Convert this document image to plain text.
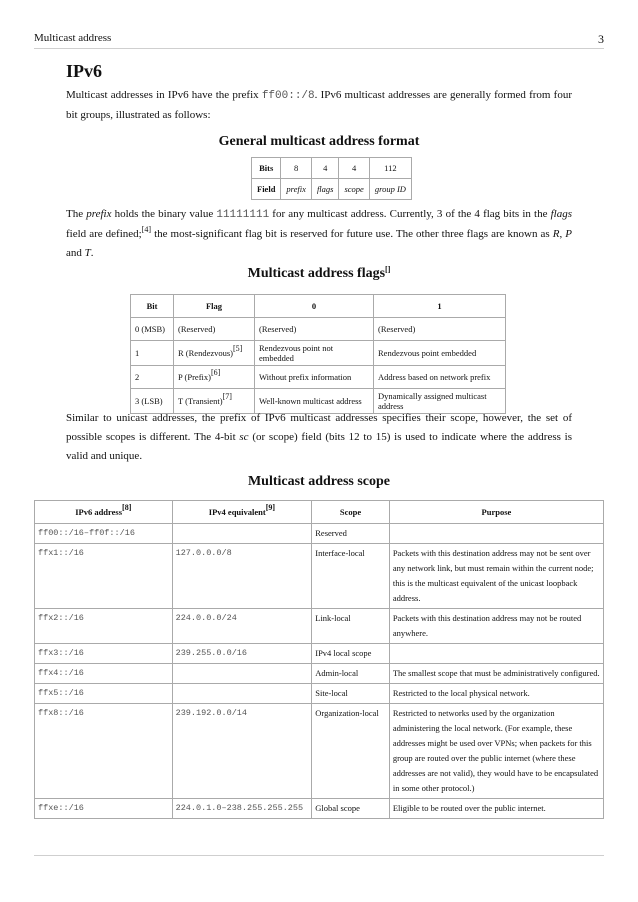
Multicast address	3
IPv6

Multicast addresses in IPv6 have the prefix ff00::/8. IPv6 multicast addresses are generally formed from four bit groups, illustrated as follows:

General multicast address format

Bits	8	4	4	112
Field	prefix	flags	scope	group ID

The prefix holds the binary value 11111111 for any multicast address. Currently, 3 of the 4 flag bits in the flags field are defined;[4] the most-significant flag bit is reserved for future use. The other three flags are known as R, P and T.

Multicast address flags[]

Bit	Flag	0	1
0 (MSB)	(Reserved)	(Reserved)	(Reserved)
1	R (Rendezvous)[5]	Rendezvous point not embedded	Rendezvous point embedded
2	P (Prefix)[6]	Without prefix information	Address based on network prefix
3 (LSB)	T (Transient)[7]	Well-known multicast address	Dynamically assigned multicast address

Similar to unicast addresses, the prefix of IPv6 multicast addresses specifies their scope, however, the set of possible scopes is different. The 4-bit sc (or scope) field (bits 12 to 15) is used to indicate where the address is valid and unique.

Multicast address scope

IPv6 address[8]	IPv4 equivalent[9]	Scope	Purpose
ff00::/16–ff0f::/16		Reserved	
ffx1::/16	127.0.0.0/8	Interface-local	Packets with this destination address may not be sent over any network link, but must remain within the current node; this is the multicast equivalent of the unicast loopback address.
ffx2::/16	224.0.0.0/24	Link-local	Packets with this destination address may not be routed anywhere.
ffx3::/16	239.255.0.0/16	IPv4 local scope	
ffx4::/16		Admin-local	The smallest scope that must be administratively configured.
ffx5::/16		Site-local	Restricted to the local physical network.
ffx8::/16	239.192.0.0/14	Organization-local	Restricted to networks used by the organization administering the local network. (For example, these addresses might be used over VPNs; when packets for this group are routed over the public internet (where these addresses are not valid), they would have to be encapsulated in some other protocol.)
ffxe::/16	224.0.1.0–238.255.255.255	Global scope	Eligible to be routed over the public internet.
